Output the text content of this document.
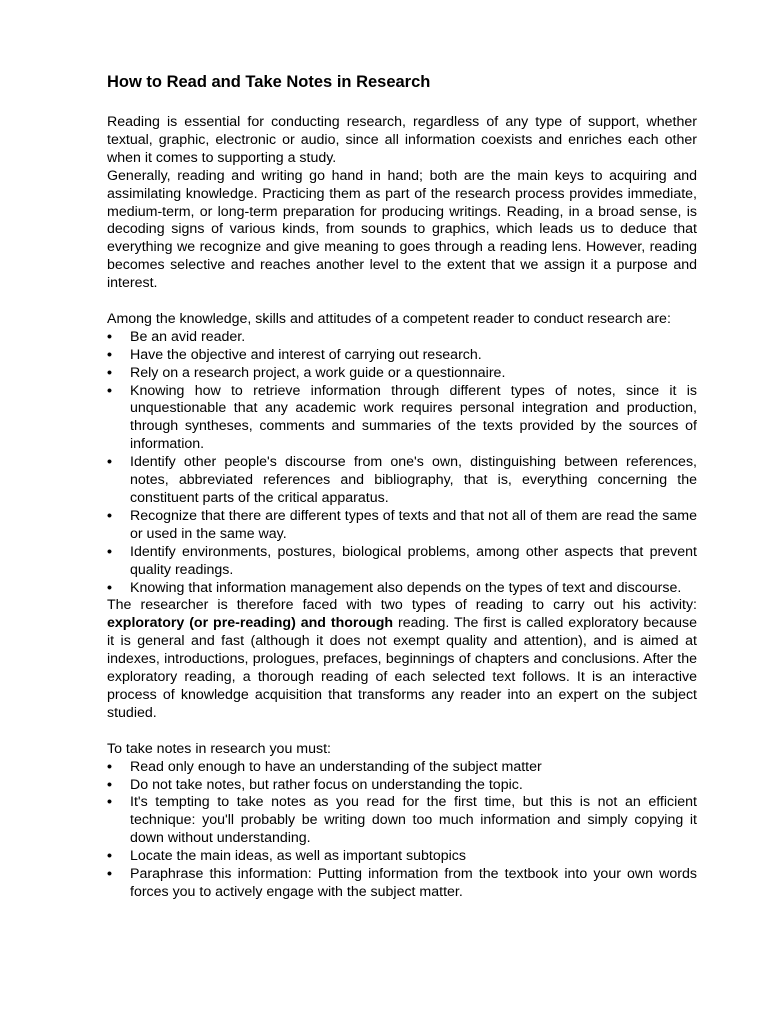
How to Read and Take Notes in Research

Reading is essential for conducting research, regardless of any type of support, whether textual, graphic, electronic or audio, since all information coexists and enriches each other when it comes to supporting a study.

Generally, reading and writing go hand in hand; both are the main keys to acquiring and assimilating knowledge. Practicing them as part of the research process provides immediate, medium-term, or long-term preparation for producing writings. Reading, in a broad sense, is decoding signs of various kinds, from sounds to graphics, which leads us to deduce that everything we recognize and give meaning to goes through a reading lens. However, reading becomes selective and reaches another level to the extent that we assign it a purpose and interest.

Among the knowledge, skills and attitudes of a competent reader to conduct research are:

• Be an avid reader.
• Have the objective and interest of carrying out research.
• Rely on a research project, a work guide or a questionnaire.
• Knowing how to retrieve information through different types of notes, since it is unquestionable that any academic work requires personal integration and production, through syntheses, comments and summaries of the texts provided by the sources of information.
• Identify other people's discourse from one's own, distinguishing between references, notes, abbreviated references and bibliography, that is, everything concerning the constituent parts of the critical apparatus.
• Recognize that there are different types of texts and that not all of them are read the same or used in the same way.
• Identify environments, postures, biological problems, among other aspects that prevent quality readings.
• Knowing that information management also depends on the types of text and discourse.

The researcher is therefore faced with two types of reading to carry out his activity: exploratory (or pre-reading) and thorough reading. The first is called exploratory because it is general and fast (although it does not exempt quality and attention), and is aimed at indexes, introductions, prologues, prefaces, beginnings of chapters and conclusions. After the exploratory reading, a thorough reading of each selected text follows. It is an interactive process of knowledge acquisition that transforms any reader into an expert on the subject studied.

To take notes in research you must:

• Read only enough to have an understanding of the subject matter
• Do not take notes, but rather focus on understanding the topic.
• It's tempting to take notes as you read for the first time, but this is not an efficient technique: you'll probably be writing down too much information and simply copying it down without understanding.
• Locate the main ideas, as well as important subtopics
• Paraphrase this information: Putting information from the textbook into your own words forces you to actively engage with the subject matter.
